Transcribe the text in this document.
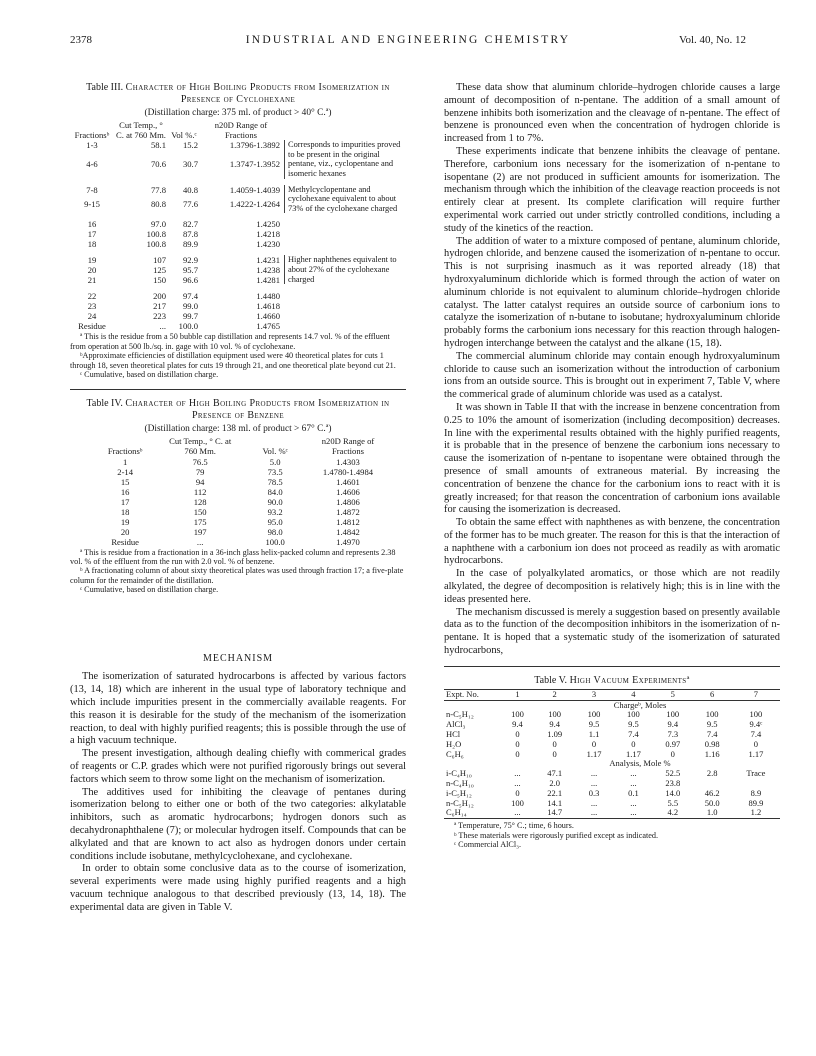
2378	INDUSTRIAL AND ENGINEERING CHEMISTRY	Vol. 40, No. 12
Table III. Character of High Boiling Products from Isomerization in Presence of Cyclohexane
(Distillation charge: 375 ml. of product > 40° C.ª)
Fractionsᵇ	Cut Temp., ° C. at 760 Mm.	Vol %.ᶜ	n20D Range of Fractions	
1-3	58.1	15.2	1.3796-1.3892	Corresponds to impurities proved to be present in the original pentane, viz., cyclopentane and isomeric hexanes

4-6	70.6	30.7	1.3747-1.3952	

7-8	77.8	40.8	1.4059-1.4039	Methylcyclopentane and cyclohexane equivalent to about 73% of the cyclohexane charged

9-15	80.8	77.6	1.4222-1.4264	

16	97.0	82.7	1.4250	
17	100.8	87.8	1.4218	
18	100.8	89.9	1.4230	

19	107	92.9	1.4231	Higher naphthenes equivalent to about 27% of the cyclohexane charged

20	125	95.7	1.4238	
21	150	96.6	1.4281	

22	200	97.4	1.4480	
23	217	99.0	1.4618	
24	223	99.7	1.4660	
Residue	...	100.0	1.4765	

ª This is the residue from a 50 bubble cap distillation and represents 14.7 vol. % of the effluent from operation at 500 lb./sq. in. gage with 10 vol. % of cyclohexane.

ᵇApproximate efficiencies of distillation equipment used were 40 theoretical plates for cuts 1 through 18, seven theoretical plates for cuts 19 through 21, and one theoretical plate beyond cut 21.

ᶜ Cumulative, based on distillation charge.

Table IV. Character of High Boiling Products from Isomerization in Presence of Benzene
(Distillation charge: 138 ml. of product > 67° C.ª)
Fractionsᵇ	Cut Temp., ° C. at 760 Mm.	Vol. %ᶜ	n20D Range of Fractions
1	76.5	5.0	1.4303
2-14	79	73.5	1.4780-1.4984
15	94	78.5	1.4601
16	112	84.0	1.4606
17	128	90.0	1.4806
18	150	93.2	1.4872
19	175	95.0	1.4812
20	197	98.0	1.4842
Residue	...	100.0	1.4970

ª This is residue from a fractionation in a 36-inch glass helix-packed column and represents 2.38 vol. % of the effluent from the run with 2.0 vol. % of benzene.

ᵇ A fractionating column of about sixty theoretical plates was used through fraction 17; a five-plate column for the remainder of the distillation.

ᶜ Cumulative, based on distillation charge.

MECHANISM

The isomerization of saturated hydrocarbons is affected by various factors (13, 14, 18) which are inherent in the usual type of laboratory technique and which include impurities present in the commercially available reagents. For this reason it is desirable for the study of the mechanism of the isomerization reaction, to deal with highly purified reagents; this is possible through the use of a high vacuum technique.

The present investigation, although dealing chiefly with commerical grades of reagents or C.P. grades which were not purified rigorously brings out several factors which seem to throw some light on the mechanism of isomerization.

The additives used for inhibiting the cleavage of pentanes during isomerization belong to either one or both of the two categories: alkylatable inhibitors, such as aromatic hydrocarbons; hydrogen donors such as decahydronaphthalene (7); or molecular hydrogen itself. Compounds that can be alkylated and that are known to act also as hydrogen donors under certain conditions include isobutane, methylcyclohexane, and cyclohexane.

In order to obtain some conclusive data as to the course of isomerization, several experiments were made using highly purified reagents and a high vacuum technique analogous to that described previously (13, 14, 18). The experimental data are given in Table V.

These data show that aluminum chloride–hydrogen chloride causes a large amount of decomposition of n-pentane. The addition of a small amount of benzene inhibits both isomerization and the cleavage of n-pentane. The effect of benzene is pronounced even when the concentration of hydrogen chloride is increased from 1 to 7%.

These experiments indicate that benzene inhibits the cleavage of pentane. Therefore, carbonium ions necessary for the isomerization of n-pentane to isopentane (2) are not produced in sufficient amounts for isomerization. The mechanism through which the inhibition of the cleavage reaction proceeds is not entirely clear at present. Its complete clarification will require further experimental work carried out under strictly controlled conditions, including a study of the kinetics of the reaction.

The addition of water to a mixture composed of pentane, aluminum chloride, hydrogen chloride, and benzene caused the isomerization of n-pentane to occur. This is not surprising inasmuch as it was reported already (18) that hydroxyaluminum dichloride which is formed through the action of water on aluminum chloride is not equivalent to aluminum chloride–hydrogen chloride catalyst. The latter catalyst requires an outside source of carbonium ions to catalyze the isomerization of n-butane to isobutane; hydroxyaluminum chloride probably forms the carbonium ions necessary for this reaction through halogen-hydrogen interchange between the catalyst and the alkane (15, 18).

The commercial aluminum chloride may contain enough hydroxyaluminum chloride to cause such an isomerization without the introduction of carbonium ions from an outside source. This is brought out in experiment 7, Table V, where the commerical grade of aluminum chloride was used as a catalyst.

It was shown in Table II that with the increase in benzene concentration from 0.25 to 10% the amount of isomerization (including decomposition) decreases. In line with the experimental results obtained with the highly purified reagents, it is probable that in the presence of benzene the carbonium ions necessary to cause the isomerization of n-pentane to isopentane were obtained through the presence of small amounts of extraneous material. By increasing the concentration of benzene the chance for the carbonium ions to react with it is greatly increased; for that reason the concentration of carbonium ions available for causing the isomerization is decreased.

To obtain the same effect with naphthenes as with benzene, the concentration of the former has to be much greater. The reason for this is that the interaction of a naphthene with a carbonium ion does not proceed as readily as with aromatic hydrocarbons.

In the case of polyalkylated aromatics, or those which are not readily alkylated, the degree of decomposition is relatively high; this is in line with the ideas presented here.

The mechanism discussed is merely a suggestion based on presently available data as to the function of the decomposition inhibitors in the isomerization of n-pentane. It is hoped that a systematic study of the isomerization of saturated hydrocarbons,

Table V. High Vacuum Experimentsª
Expt. No.	1	2	3	4	5	6	7
	Chargeᵇ, Moles						
n-C₅H₁₂	100	100	100	100	100	100	100
AlCl₃	9.4	9.4	9.5	9.5	9.4	9.5	9.4ᶜ
HCl	0	1.09	1.1	7.4	7.3	7.4	7.4
H₂O	0	0	0	0	0.97	0.98	0
C₆H₆	0	0	1.17	1.17	0	1.16	1.17
	Analysis, Mole %						
i-C₄H₁₀	...	47.1	...	...	52.5	2.8	Trace
n-C₄H₁₀	...	2.0	...	...	23.8		
i-C₅H₁₂	0	22.1	0.3	0.1	14.0	46.2	8.9
n-C₅H₁₂	100	14.1	...	...	5.5	50.0	89.9
C₆H₁₄	...	14.7	...	...	4.2	1.0	1.2

ª Temperature, 75° C.; time, 6 hours.

ᵇ These materials were rigorously purified except as indicated.

ᶜ Commercial AlCl₃.
